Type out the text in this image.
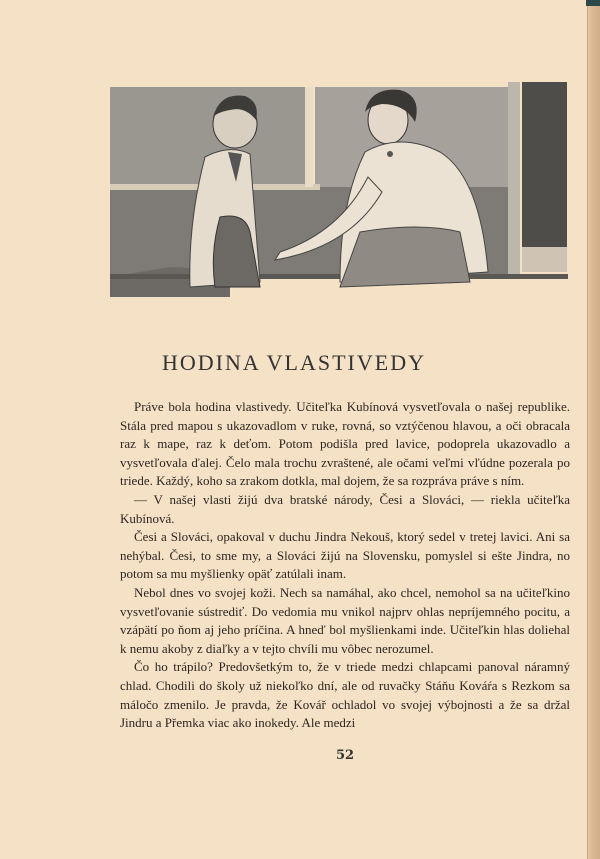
HODINA VLASTIVEDY

Práve bola hodina vlastivedy. Učiteľka Kubínová vysvetľovala o našej republike. Stála pred mapou s ukazovadlom v ruke, rovná, so vztýčenou hlavou, a oči obracala raz k mape, raz k deťom. Potom podišla pred lavice, podoprela ukazovadlo a vysvetľovala ďalej. Čelo mala trochu zvraštené, ale očami veľmi vľúdne pozerala po triede. Každý, koho sa zrakom dotkla, mal dojem, že sa rozpráva práve s ním.

— V našej vlasti žijú dva bratské národy, Česi a Slováci, — riekla učiteľka Kubínová.

Česi a Slováci, opakoval v duchu Jindra Nekouš, ktorý sedel v tretej lavici. Ani sa nehýbal. Česi, to sme my, a Slováci žijú na Slovensku, pomyslel si ešte Jindra, no potom sa mu myšlienky opäť zatúlali inam.

Nebol dnes vo svojej koži. Nech sa namáhal, ako chcel, nemohol sa na učiteľkino vysvetľovanie sústrediť. Do vedomia mu vnikol najprv ohlas nepríjemného pocitu, a vzápätí po ňom aj jeho príčina. A hneď bol myšlienkami inde. Učiteľkin hlas doliehal k nemu akoby z diaľky a v tejto chvíli mu vôbec nerozumel.

Čo ho trápilo? Predovšetkým to, že v triede medzi chlapcami panoval náramný chlad. Chodili do školy už niekoľko dní, ale od ruvačky Stáňu Kováŕa s Rezkom sa máločo zmenilo. Je pravda, že Kovář ochladol vo svojej výbojnosti a že sa držal Jindru a Přemka viac ako inokedy. Ale medzi

52
